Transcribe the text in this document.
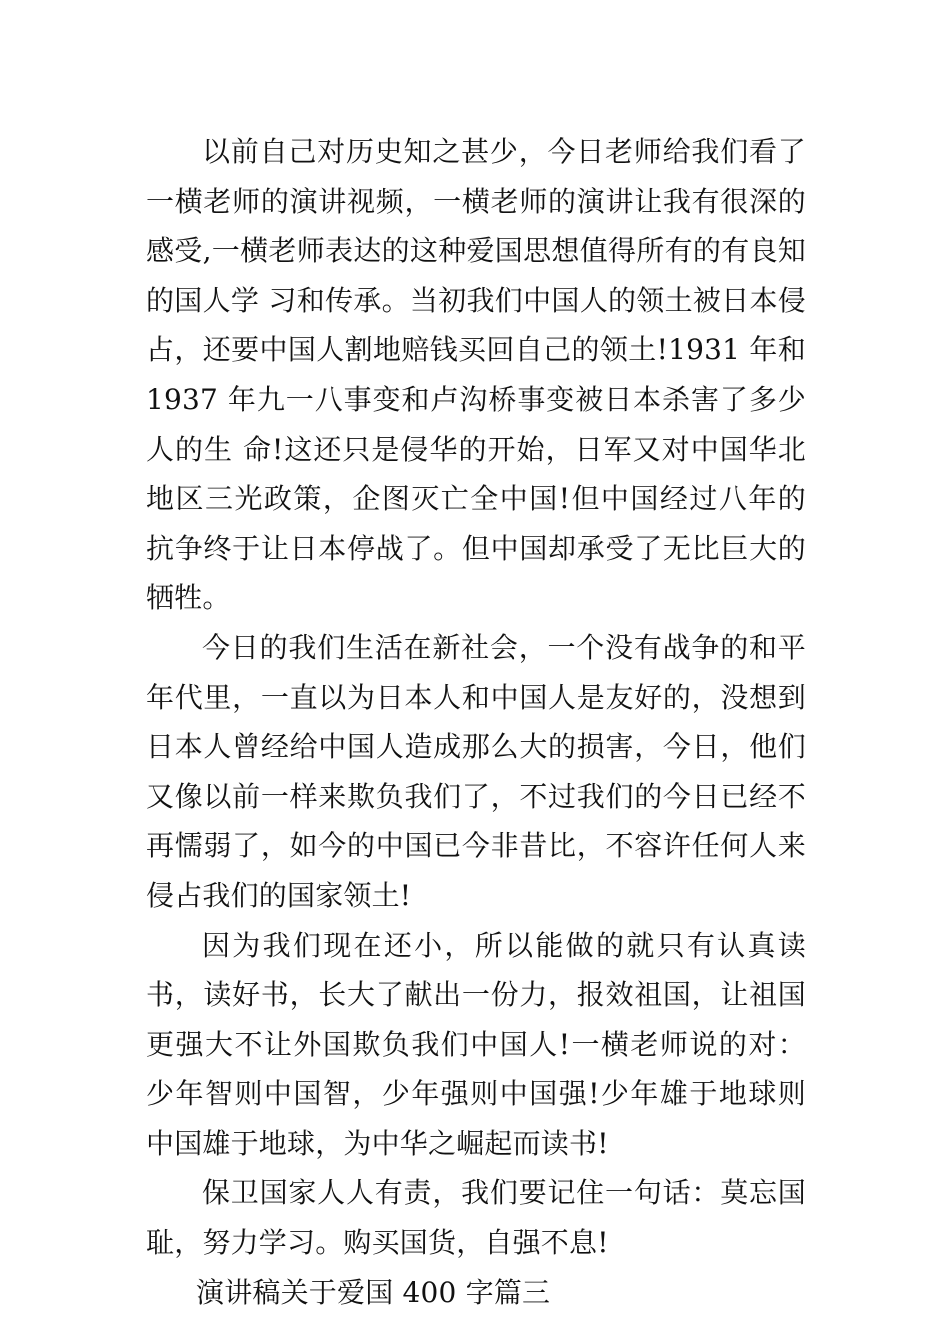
以前自己对历史知之甚少，今日老师给我们看了一横老师的演讲视频，一横老师的演讲让我有很深的感受,一横老师表达的这种爱国思想值得所有的有良知的国人学 习和传承。当初我们中国人的领土被日本侵占，还要中国人割地赔钱买回自己的领土!1931 年和 1937 年九一八事变和卢沟桥事变被日本杀害了多少人的生 命!这还只是侵华的开始，日军又对中国华北地区三光政策，企图灭亡全中国!但中国经过八年的抗争终于让日本停战了。但中国却承受了无比巨大的牺牲。

今日的我们生活在新社会，一个没有战争的和平年代里，一直以为日本人和中国人是友好的，没想到日本人曾经给中国人造成那么大的损害，今日，他们又像以前一样来欺负我们了，不过我们的今日已经不再懦弱了，如今的中国已今非昔比，不容许任何人来侵占我们的国家领土!

因为我们现在还小，所以能做的就只有认真读书，读好书，长大了献出一份力，报效祖国，让祖国更强大不让外国欺负我们中国人!一横老师说的对：少年智则中国智，少年强则中国强!少年雄于地球则中国雄于地球，为中华之崛起而读书!

保卫国家人人有责，我们要记住一句话：莫忘国耻，努力学习。购买国货，自强不息!

演讲稿关于爱国 400 字篇三
